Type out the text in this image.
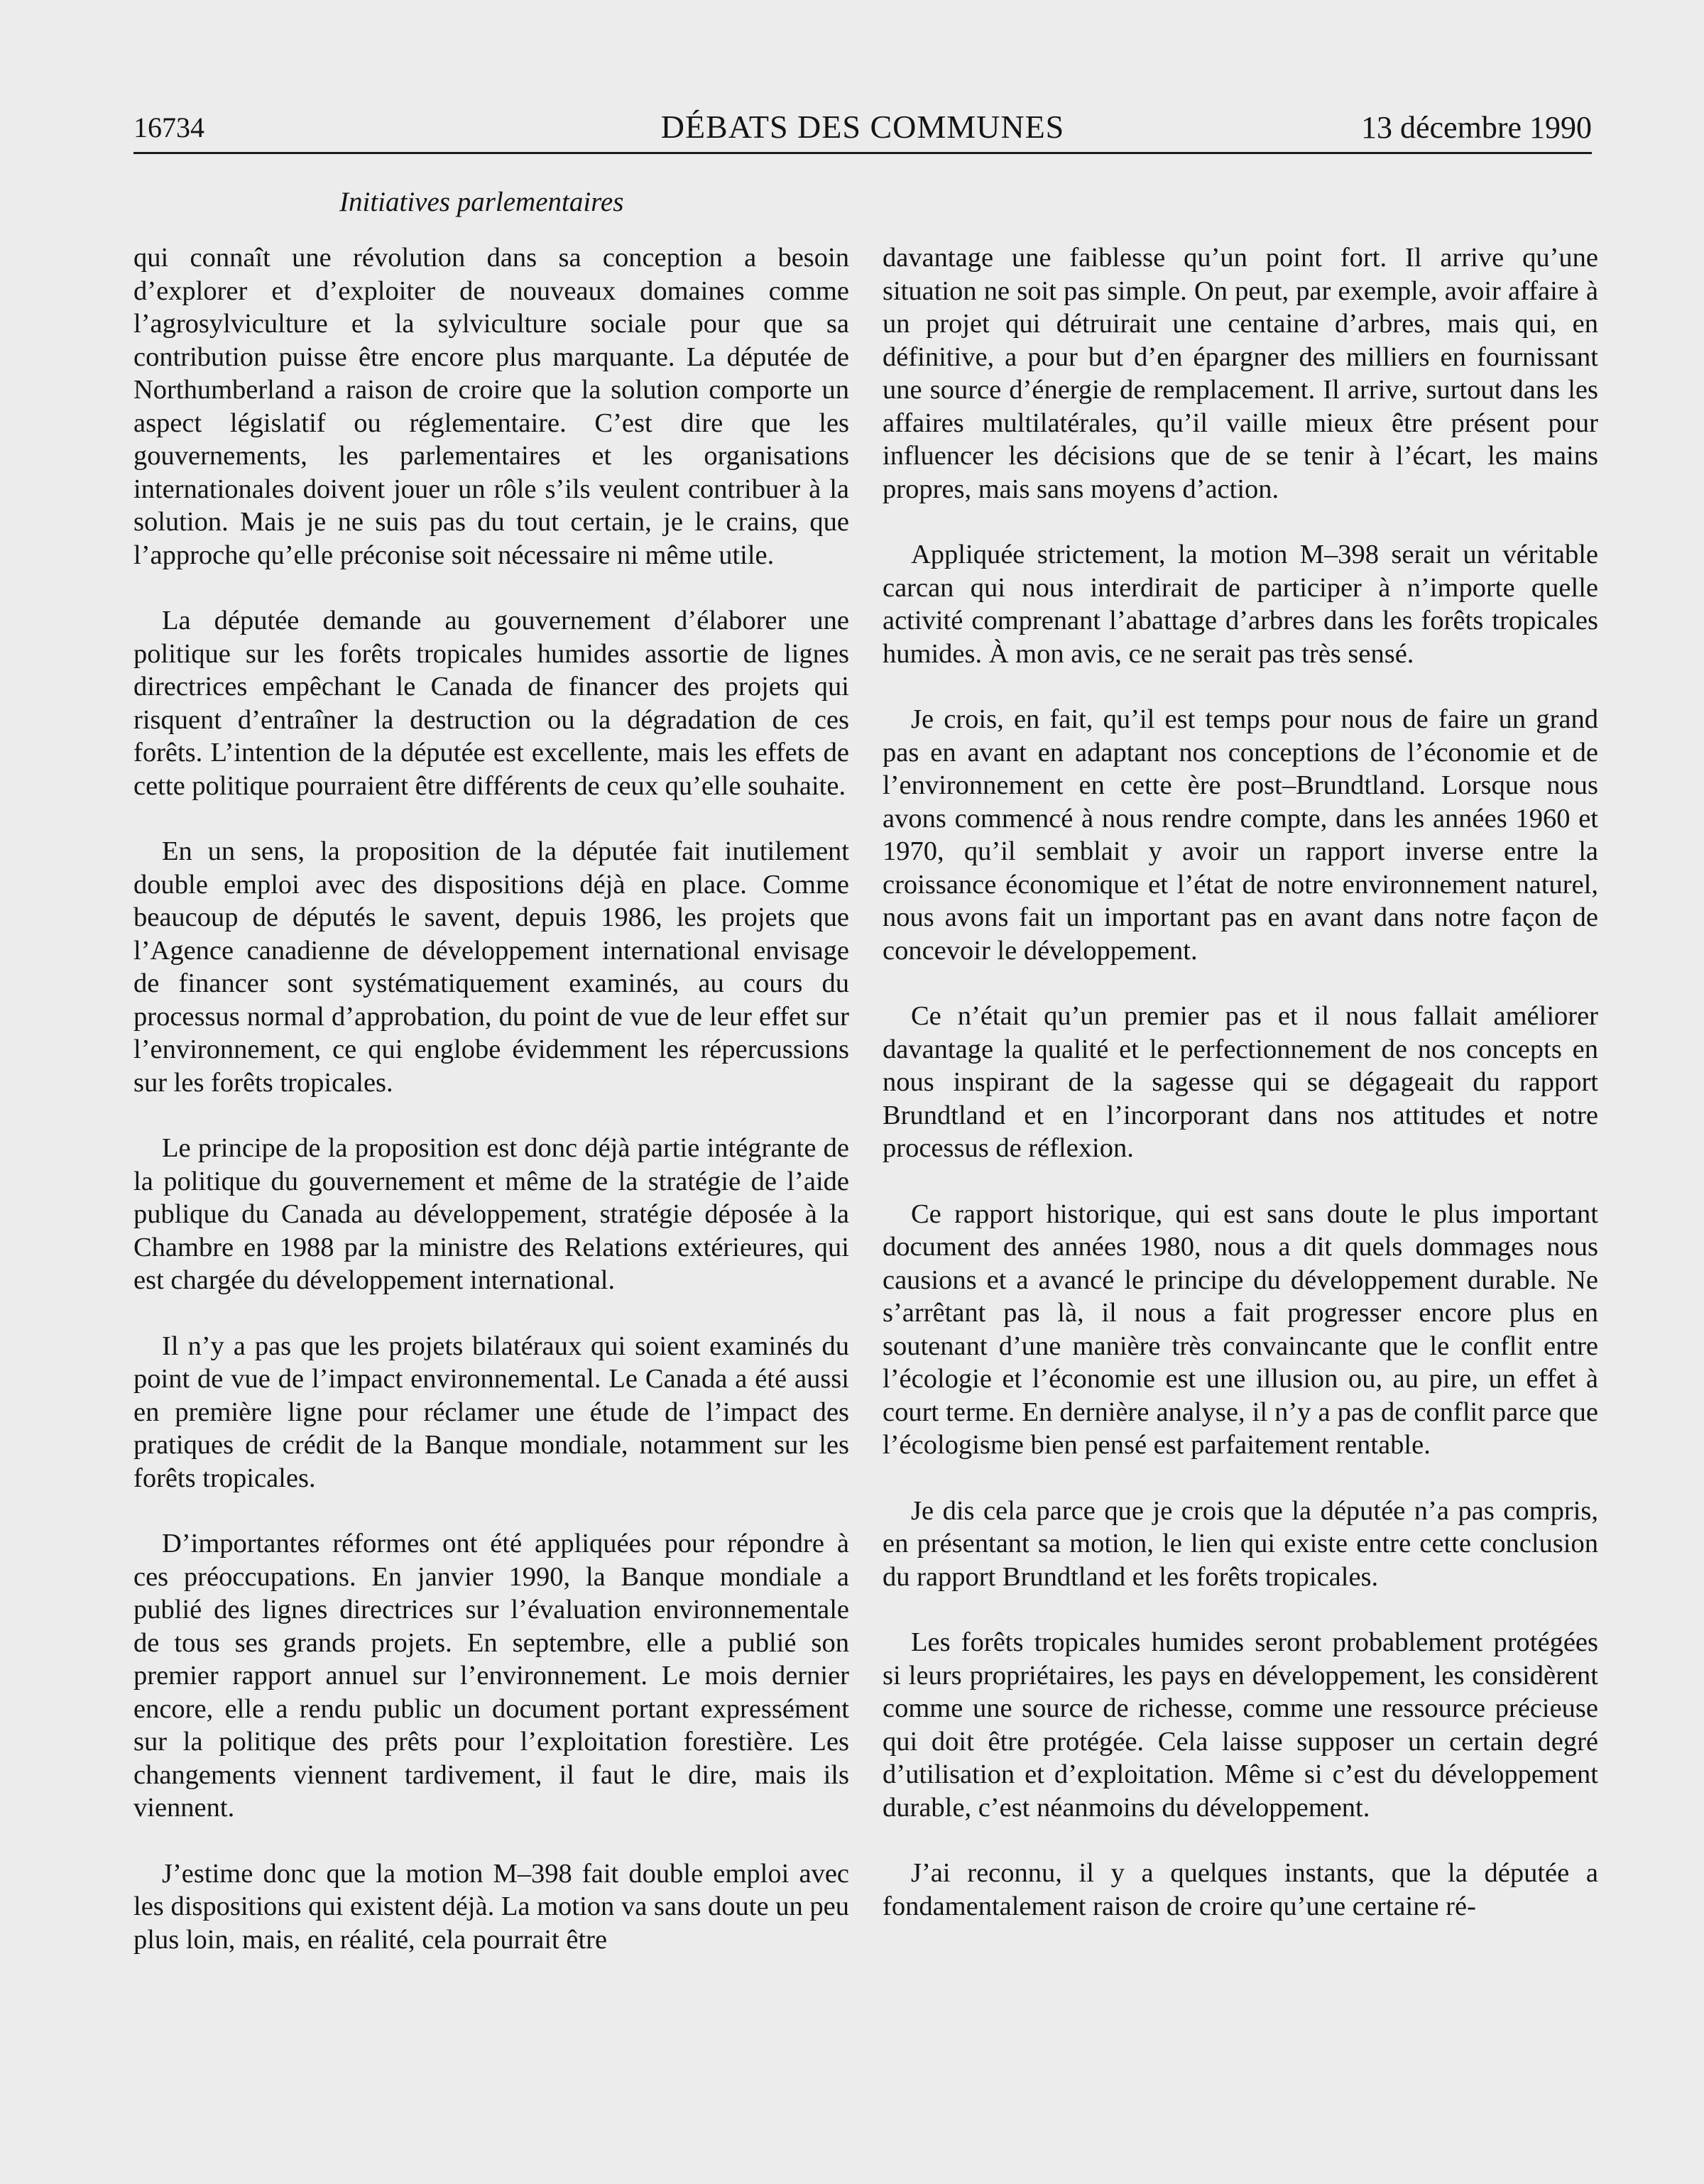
16734	DÉBATS DES COMMUNES	13 décembre 1990
Initiatives parlementaires

qui connaît une révolution dans sa conception a besoin d’explorer et d’exploiter de nouveaux domaines comme l’agrosylviculture et la sylviculture sociale pour que sa contribution puisse être encore plus marquante. La députée de Northumberland a raison de croire que la solution comporte un aspect législatif ou réglementaire. C’est dire que les gouvernements, les parlementaires et les organisations internationales doivent jouer un rôle s’ils veulent contribuer à la solution. Mais je ne suis pas du tout certain, je le crains, que l’approche qu’elle préconise soit nécessaire ni même utile.

La députée demande au gouvernement d’élaborer une politique sur les forêts tropicales humides assortie de lignes directrices empêchant le Canada de financer des projets qui risquent d’entraîner la destruction ou la dégradation de ces forêts. L’intention de la députée est excellente, mais les effets de cette politique pourraient être différents de ceux qu’elle souhaite.

En un sens, la proposition de la députée fait inutilement double emploi avec des dispositions déjà en place. Comme beaucoup de députés le savent, depuis 1986, les projets que l’Agence canadienne de développement international envisage de financer sont systématiquement examinés, au cours du processus normal d’approbation, du point de vue de leur effet sur l’environnement, ce qui englobe évidemment les répercussions sur les forêts tropicales.

Le principe de la proposition est donc déjà partie intégrante de la politique du gouvernement et même de la stratégie de l’aide publique du Canada au développement, stratégie déposée à la Chambre en 1988 par la ministre des Relations extérieures, qui est chargée du développement international.

Il n’y a pas que les projets bilatéraux qui soient examinés du point de vue de l’impact environnemental. Le Canada a été aussi en première ligne pour réclamer une étude de l’impact des pratiques de crédit de la Banque mondiale, notamment sur les forêts tropicales.

D’importantes réformes ont été appliquées pour répondre à ces préoccupations. En janvier 1990, la Banque mondiale a publié des lignes directrices sur l’évaluation environnementale de tous ses grands projets. En septembre, elle a publié son premier rapport annuel sur l’environnement. Le mois dernier encore, elle a rendu public un document portant expressément sur la politique des prêts pour l’exploitation forestière. Les changements viennent tardivement, il faut le dire, mais ils viennent.

J’estime donc que la motion M–398 fait double emploi avec les dispositions qui existent déjà. La motion va sans doute un peu plus loin, mais, en réalité, cela pourrait être

davantage une faiblesse qu’un point fort. Il arrive qu’une situation ne soit pas simple. On peut, par exemple, avoir affaire à un projet qui détruirait une centaine d’arbres, mais qui, en définitive, a pour but d’en épargner des milliers en fournissant une source d’énergie de remplacement. Il arrive, surtout dans les affaires multilatérales, qu’il vaille mieux être présent pour influencer les décisions que de se tenir à l’écart, les mains propres, mais sans moyens d’action.

Appliquée strictement, la motion M–398 serait un véritable carcan qui nous interdirait de participer à n’importe quelle activité comprenant l’abattage d’arbres dans les forêts tropicales humides. À mon avis, ce ne serait pas très sensé.

Je crois, en fait, qu’il est temps pour nous de faire un grand pas en avant en adaptant nos conceptions de l’économie et de l’environnement en cette ère post–Brundtland. Lorsque nous avons commencé à nous rendre compte, dans les années 1960 et 1970, qu’il semblait y avoir un rapport inverse entre la croissance économique et l’état de notre environnement naturel, nous avons fait un important pas en avant dans notre façon de concevoir le développement.

Ce n’était qu’un premier pas et il nous fallait améliorer davantage la qualité et le perfectionnement de nos concepts en nous inspirant de la sagesse qui se dégageait du rapport Brundtland et en l’incorporant dans nos attitudes et notre processus de réflexion.

Ce rapport historique, qui est sans doute le plus important document des années 1980, nous a dit quels dommages nous causions et a avancé le principe du développement durable. Ne s’arrêtant pas là, il nous a fait progresser encore plus en soutenant d’une manière très convaincante que le conflit entre l’écologie et l’économie est une illusion ou, au pire, un effet à court terme. En dernière analyse, il n’y a pas de conflit parce que l’écologisme bien pensé est parfaitement rentable.

Je dis cela parce que je crois que la députée n’a pas compris, en présentant sa motion, le lien qui existe entre cette conclusion du rapport Brundtland et les forêts tropicales.

Les forêts tropicales humides seront probablement protégées si leurs propriétaires, les pays en développement, les considèrent comme une source de richesse, comme une ressource précieuse qui doit être protégée. Cela laisse supposer un certain degré d’utilisation et d’exploitation. Même si c’est du développement durable, c’est néanmoins du développement.

J’ai reconnu, il y a quelques instants, que la députée a fondamentalement raison de croire qu’une certaine ré-
